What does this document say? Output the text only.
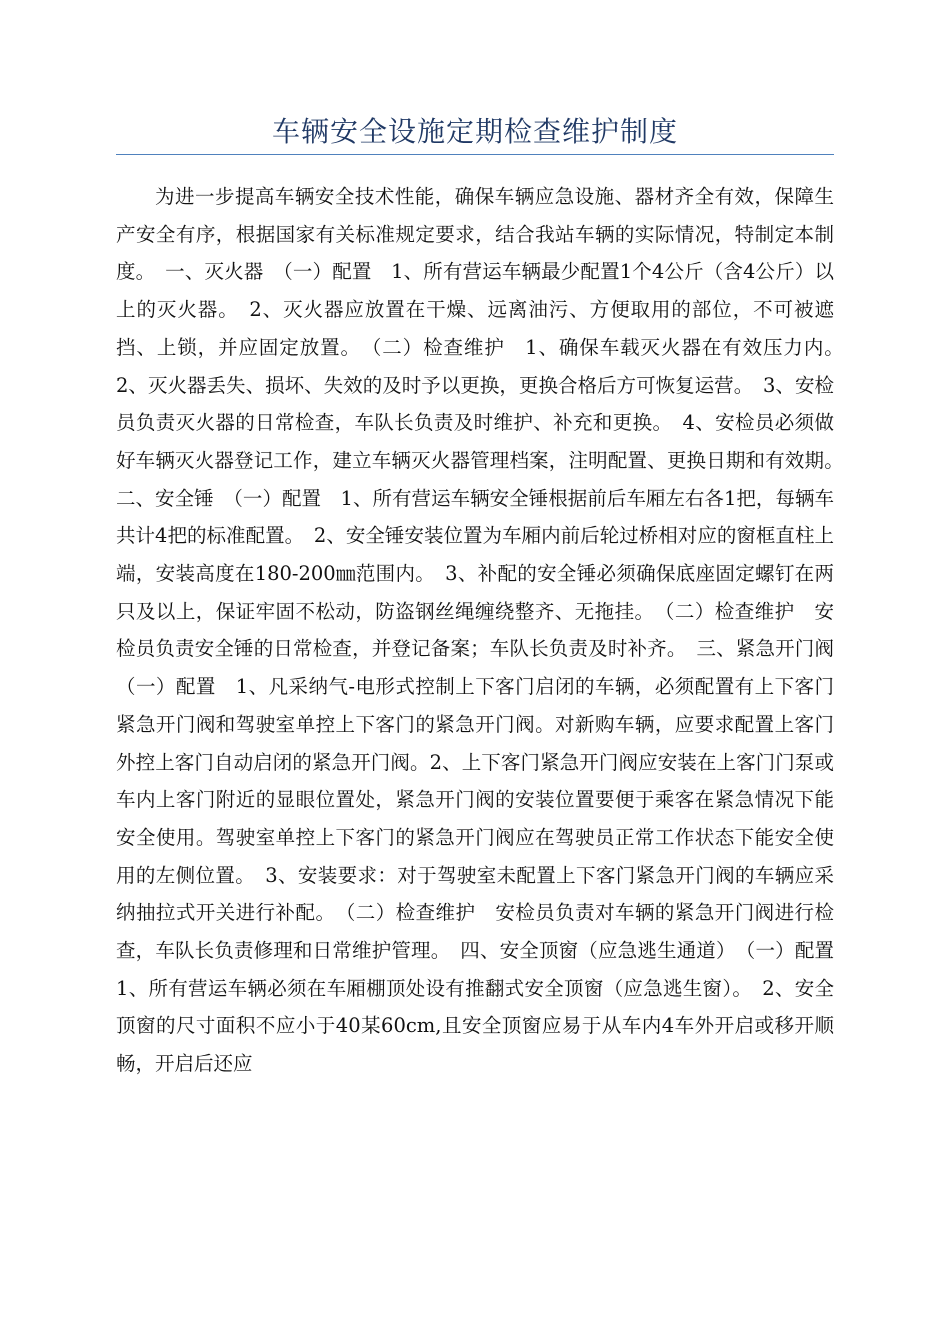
车辆安全设施定期检查维护制度

为进一步提高车辆安全技术性能，确保车辆应急设施、器材齐全有效，保障生产安全有序，根据国家有关标准规定要求，结合我站车辆的实际情况，特制定本制度。　一、灭火器　（一）配置　1、所有营运车辆最少配置1个4公斤（含4公斤）以上的灭火器。　2、灭火器应放置在干燥、远离油污、方便取用的部位，不可被遮挡、上锁，并应固定放置。　（二）检查维护　1、确保车载灭火器在有效压力内。　2、灭火器丢失、损坏、失效的及时予以更换，更换合格后方可恢复运营。　3、安检员负责灭火器的日常检查，车队长负责及时维护、补充和更换。　4、安检员必须做好车辆灭火器登记工作，建立车辆灭火器管理档案，注明配置、更换日期和有效期。　二、安全锤　（一）配置　1、所有营运车辆安全锤根据前后车厢左右各1把，每辆车共计4把的标准配置。　2、安全锤安装位置为车厢内前后轮过桥相对应的窗框直柱上端，安装高度在180-200㎜范围内。　3、补配的安全锤必须确保底座固定螺钉在两只及以上，保证牢固不松动，防盗钢丝绳缠绕整齐、无拖挂。　（二）检查维护　安检员负责安全锤的日常检查，并登记备案；车队长负责及时补齐。　三、紧急开门阀　（一）配置　1、凡采纳气-电形式控制上下客门启闭的车辆，必须配置有上下客门紧急开门阀和驾驶室单控上下客门的紧急开门阀。对新购车辆，应要求配置上客门外控上客门自动启闭的紧急开门阀。2、上下客门紧急开门阀应安装在上客门门泵或车内上客门附近的显眼位置处，紧急开门阀的安装位置要便于乘客在紧急情况下能安全使用。驾驶室单控上下客门的紧急开门阀应在驾驶员正常工作状态下能安全使用的左侧位置。　3、安装要求：对于驾驶室未配置上下客门紧急开门阀的车辆应采纳抽拉式开关进行补配。　（二）检查维护　安检员负责对车辆的紧急开门阀进行检查，车队长负责修理和日常维护管理。　四、安全顶窗（应急逃生通道）　（一）配置　1、所有营运车辆必须在车厢棚顶处设有推翻式安全顶窗（应急逃生窗）。　2、安全顶窗的尺寸面积不应小于40某60cm,且安全顶窗应易于从车内4车外开启或移开顺畅，开启后还应
